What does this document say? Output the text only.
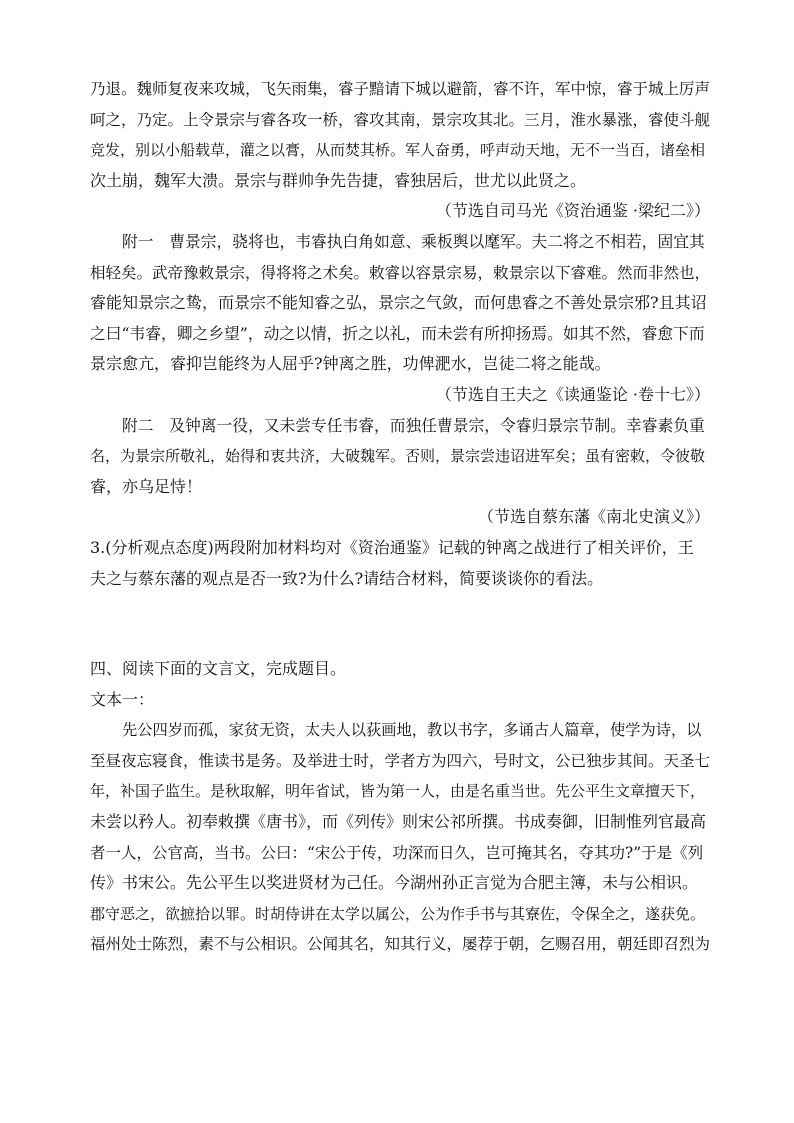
乃退。魏师复夜来攻城，飞矢雨集，睿子黯请下城以避箭，睿不许，军中惊，睿于城上厉声
呵之，乃定。上令景宗与睿各攻一桥，睿攻其南，景宗攻其北。三月，淮水暴涨，睿使斗舰
竞发，别以小船载草，灌之以膏，从而焚其桥。军人奋勇，呼声动天地，无不一当百，诸垒相
次土崩，魏军大溃。景宗与群帅争先告捷，睿独居后，世尤以此贤之。
（节选自司马光《资治通鉴 ·梁纪二》）
附一　曹景宗，骁将也，韦睿执白角如意、乘板舆以麾军。夫二将之不相若，固宜其
相轻矣。武帝豫敕景宗，得将将之术矣。敕睿以容景宗易，敕景宗以下睿难。然而非然也，
睿能知景宗之鸷，而景宗不能知睿之弘，景宗之气敛，而何患睿之不善处景宗邪?且其诏
之曰“韦睿，卿之乡望”，动之以情，折之以礼，而未尝有所抑扬焉。如其不然，睿愈下而
景宗愈亢，睿抑岂能终为人屈乎?钟离之胜，功俾淝水，岂徒二将之能哉。
（节选自王夫之《读通鉴论 ·卷十七》）
附二　及钟离一役，又未尝专任韦睿，而独任曹景宗，令睿归景宗节制。幸睿素负重
名，为景宗所敬礼，始得和衷共济，大破魏军。否则，景宗尝违诏进军矣；虽有密敕，令彼敬
睿，亦乌足恃！
（节选自蔡东藩《南北史演义》）
3.(分析观点态度)两段附加材料均对《资治通鉴》记载的钟离之战进行了相关评价，王
夫之与蔡东藩的观点是否一致?为什么?请结合材料，简要谈谈你的看法。
四、阅读下面的文言文，完成题目。
文本一：
先公四岁而孤，家贫无资，太夫人以荻画地，教以书字，多诵古人篇章，使学为诗，以
至昼夜忘寝食，惟读书是务。及举进士时，学者方为四六，号时文，公已独步其间。天圣七
年，补国子监生。是秋取解，明年省试，皆为第一人，由是名重当世。先公平生文章擅天下，
未尝以矜人。初奉敕撰《唐书》，而《列传》则宋公祁所撰。书成奏御，旧制惟列官最高
者一人，公官高，当书。公曰：“宋公于传，功深而日久，岂可掩其名，夺其功?”于是《列
传》书宋公。先公平生以奖进贤材为己任。今湖州孙正言觉为合肥主簿，未与公相识。
郡守恶之，欲摭拾以罪。时胡侍讲在太学以属公，公为作手书与其寮佐，令保全之，遂获免。
福州处士陈烈，素不与公相识。公闻其名，知其行义，屡荐于朝，乞赐召用，朝廷即召烈为
